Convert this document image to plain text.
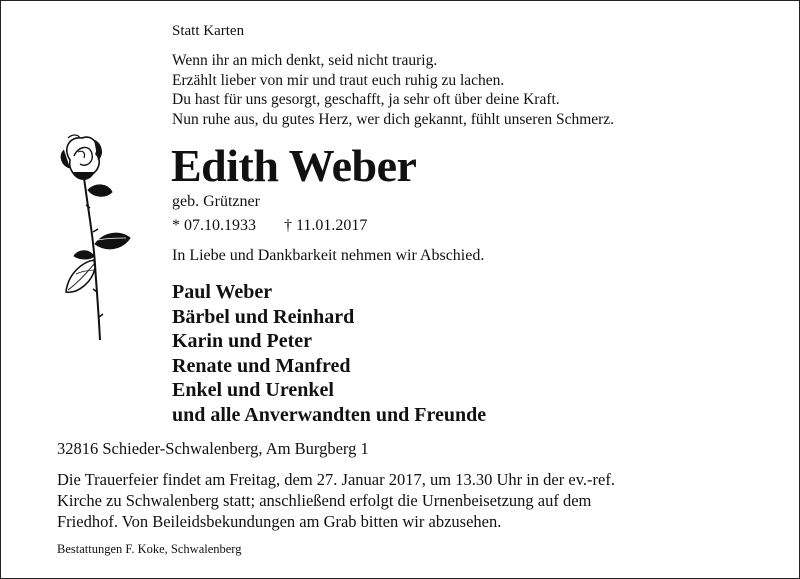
Statt Karten
Wenn ihr an mich denkt, seid nicht traurig.
Erzählt lieber von mir und traut euch ruhig zu lachen.
Du hast für uns gesorgt, geschafft, ja sehr oft über deine Kraft.
Nun ruhe aus, du gutes Herz, wer dich gekannt, fühlt unseren Schmerz.
Edith Weber
geb. Grützner
* 07.10.1933 † 11.01.2017
In Liebe und Dankbarkeit nehmen wir Abschied.
Paul Weber
Bärbel und Reinhard
Karin und Peter
Renate und Manfred
Enkel und Urenkel
und alle Anverwandten und Freunde
32816 Schieder-Schwalenberg, Am Burgberg 1
Die Trauerfeier findet am Freitag, dem 27. Januar 2017, um 13.30 Uhr in der ev.-ref.
Kirche zu Schwalenberg statt; anschließend erfolgt die Urnenbeisetzung auf dem
Friedhof. Von Beileidsbekundungen am Grab bitten wir abzusehen.
Bestattungen F. Koke, Schwalenberg
